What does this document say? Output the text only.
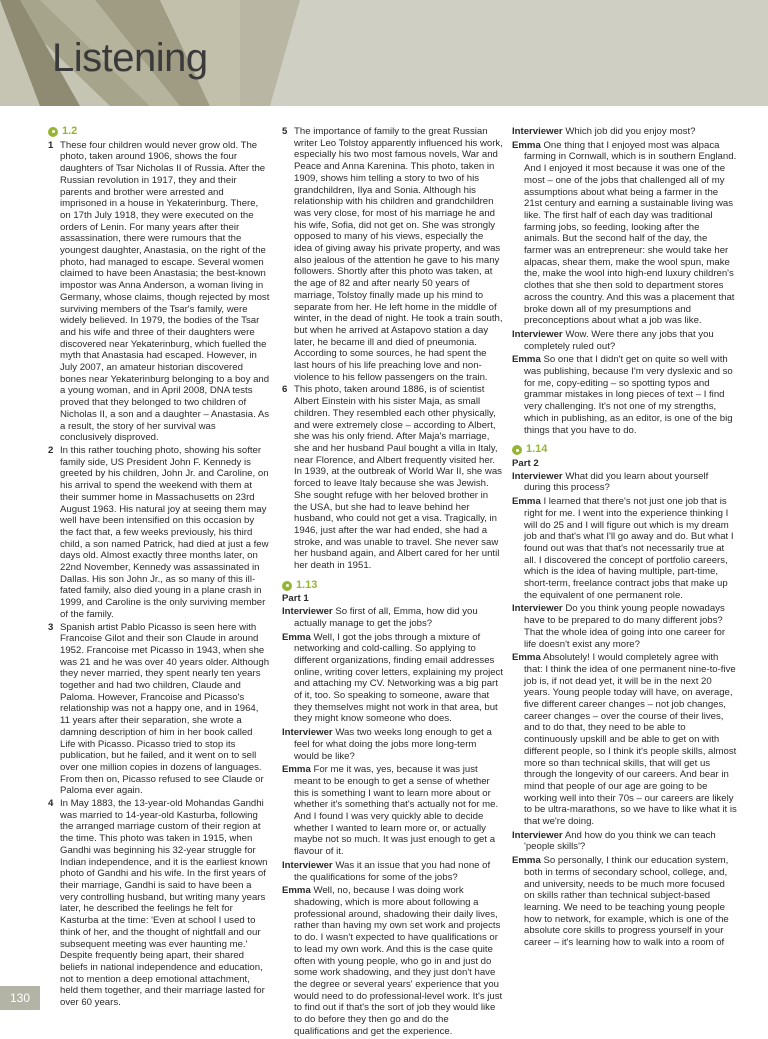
Listening
1.2
1 These four children would never grow old. The photo, taken around 1906, shows the four daughters of Tsar Nicholas II of Russia. After the Russian revolution in 1917, they and their parents and brother were arrested and imprisoned in a house in Yekaterinburg. There, on 17th July 1918, they were executed on the orders of Lenin. For many years after their assassination, there were rumours that the youngest daughter, Anastasia, on the right of the photo, had managed to escape. Several women claimed to have been Anastasia; the best-known impostor was Anna Anderson, a woman living in Germany, whose claims, though rejected by most surviving members of the Tsar's family, were widely believed. In 1979, the bodies of the Tsar and his wife and three of their daughters were discovered near Yekaterinburg, which fuelled the myth that Anastasia had escaped. However, in July 2007, an amateur historian discovered bones near Yekaterinburg belonging to a boy and a young woman, and in April 2008, DNA tests proved that they belonged to two children of Nicholas II, a son and a daughter – Anastasia. As a result, the story of her survival was conclusively disproved.

2 In this rather touching photo, showing his softer family side, US President John F. Kennedy is greeted by his children, John Jr. and Caroline, on his arrival to spend the weekend with them at their summer home in Massachusetts on 23rd August 1963. His natural joy at seeing them may well have been intensified on this occasion by the fact that, a few weeks previously, his third child, a son named Patrick, had died at just a few days old. Almost exactly three months later, on 22nd November, Kennedy was assassinated in Dallas. His son John Jr., as so many of this ill-fated family, also died young in a plane crash in 1999, and Caroline is the only surviving member of the family.

3 Spanish artist Pablo Picasso is seen here with Francoise Gilot and their son Claude in around 1952. Francoise met Picasso in 1943, when she was 21 and he was over 40 years older. Although they never married, they spent nearly ten years together and had two children, Claude and Paloma. However, Francoise and Picasso's relationship was not a happy one, and in 1964, 11 years after their separation, she wrote a damning description of him in her book called Life with Picasso. Picasso tried to stop its publication, but he failed, and it went on to sell over one million copies in dozens of languages. From then on, Picasso refused to see Claude or Paloma ever again.

4 In May 1883, the 13-year-old Mohandas Gandhi was married to 14-year-old Kasturba, following the arranged marriage custom of their region at the time. This photo was taken in 1915, when Gandhi was beginning his 32-year struggle for Indian independence, and it is the earliest known photo of Gandhi and his wife. In the first years of their marriage, Gandhi is said to have been a very controlling husband, but writing many years later, he described the feelings he felt for Kasturba at the time: 'Even at school I used to think of her, and the thought of nightfall and our subsequent meeting was ever haunting me.' Despite frequently being apart, their shared beliefs in national independence and education, not to mention a deep emotional attachment, held them together, and their marriage lasted for over 60 years.

5 The importance of family to the great Russian writer Leo Tolstoy apparently influenced his work, especially his two most famous novels, War and Peace and Anna Karenina. This photo, taken in 1909, shows him telling a story to two of his grandchildren, Ilya and Sonia. Although his relationship with his children and grandchildren was very close, for most of his marriage he and his wife, Sofia, did not get on. She was strongly opposed to many of his views, especially the idea of giving away his private property, and was also jealous of the attention he gave to his many followers. Shortly after this photo was taken, at the age of 82 and after nearly 50 years of marriage, Tolstoy finally made up his mind to separate from her. He left home in the middle of winter, in the dead of night. He took a train south, but when he arrived at Astapovo station a day later, he became ill and died of pneumonia. According to some sources, he had spent the last hours of his life preaching love and non-violence to his fellow passengers on the train.

6 This photo, taken around 1886, is of scientist Albert Einstein with his sister Maja, as small children. They resembled each other physically, and were extremely close – according to Albert, she was his only friend. After Maja's marriage, she and her husband Paul bought a villa in Italy, near Florence, and Albert frequently visited her. In 1939, at the outbreak of World War II, she was forced to leave Italy because she was Jewish. She sought refuge with her beloved brother in the USA, but she had to leave behind her husband, who could not get a visa. Tragically, in 1946, just after the war had ended, she had a stroke, and was unable to travel. She never saw her husband again, and Albert cared for her until her death in 1951.

1.13
Part 1

Interviewer So first of all, Emma, how did you actually manage to get the jobs?

Emma Well, I got the jobs through a mixture of networking and cold-calling. So applying to different organizations, finding email addresses online, writing cover letters, explaining my project and attaching my CV. Networking was a big part of it, too. So speaking to someone, aware that they themselves might not work in that area, but they might know someone who does.

Interviewer Was two weeks long enough to get a feel for what doing the jobs more long-term would be like?

Emma For me it was, yes, because it was just meant to be enough to get a sense of whether this is something I want to learn more about or whether it's something that's actually not for me. And I found I was very quickly able to decide whether I wanted to learn more or, or actually maybe not so much. It was just enough to get a flavour of it.

Interviewer Was it an issue that you had none of the qualifications for some of the jobs?

Emma Well, no, because I was doing work shadowing, which is more about following a professional around, shadowing their daily lives, rather than having my own set work and projects to do. I wasn't expected to have qualifications or to lead my own work. And this is the case quite often with young people, who go in and just do some work shadowing, and they just don't have the degree or several years' experience that you would need to do professional-level work. It's just to find out if that's the sort of job they would like to do before they then go and do the qualifications and get the experience.

Interviewer Which job did you enjoy most?

Emma One thing that I enjoyed most was alpaca farming in Cornwall, which is in southern England. And I enjoyed it most because it was one of the most – one of the jobs that challenged all of my assumptions about what being a farmer in the 21st century and earning a sustainable living was like. The first half of each day was traditional farming jobs, so feeding, looking after the animals. But the second half of the day, the farmer was an entrepreneur: she would take her alpacas, shear them, make the wool spun, make the, make the wool into high-end luxury children's clothes that she then sold to department stores across the country. And this was a placement that broke down all of my presumptions and preconceptions about what a job was like.

Interviewer Wow. Were there any jobs that you completely ruled out?

Emma So one that I didn't get on quite so well with was publishing, because I'm very dyslexic and so for me, copy-editing – so spotting typos and grammar mistakes in long pieces of text – I find very challenging. It's not one of my strengths, which in publishing, as an editor, is one of the big things that you have to do.

1.14
Part 2

Interviewer What did you learn about yourself during this process?

Emma I learned that there's not just one job that is right for me. I went into the experience thinking I will do 25 and I will figure out which is my dream job and that's what I'll go away and do. But what I found out was that that's not necessarily true at all. I discovered the concept of portfolio careers, which is the idea of having multiple, part-time, short-term, freelance contract jobs that make up the equivalent of one permanent role.

Interviewer Do you think young people nowadays have to be prepared to do many different jobs? That the whole idea of going into one career for life doesn't exist any more?

Emma Absolutely! I would completely agree with that: I think the idea of one permanent nine-to-five job is, if not dead yet, it will be in the next 20 years. Young people today will have, on average, five different career changes – not job changes, career changes – over the course of their lives, and to do that, they need to be able to continuously upskill and be able to get on with different people, so I think it's people skills, almost more so than technical skills, that will get us through the longevity of our careers. And bear in mind that people of our age are going to be working well into their 70s – our careers are likely to be ultra-marathons, so we have to like what it is that we're doing.

Interviewer And how do you think we can teach 'people skills'?

Emma So personally, I think our education system, both in terms of secondary school, college, and, and university, needs to be much more focused on skills rather than technical subject-based learning. We need to be teaching young people how to network, for example, which is one of the absolute core skills to progress yourself in your career – it's learning how to walk into a room of

130
